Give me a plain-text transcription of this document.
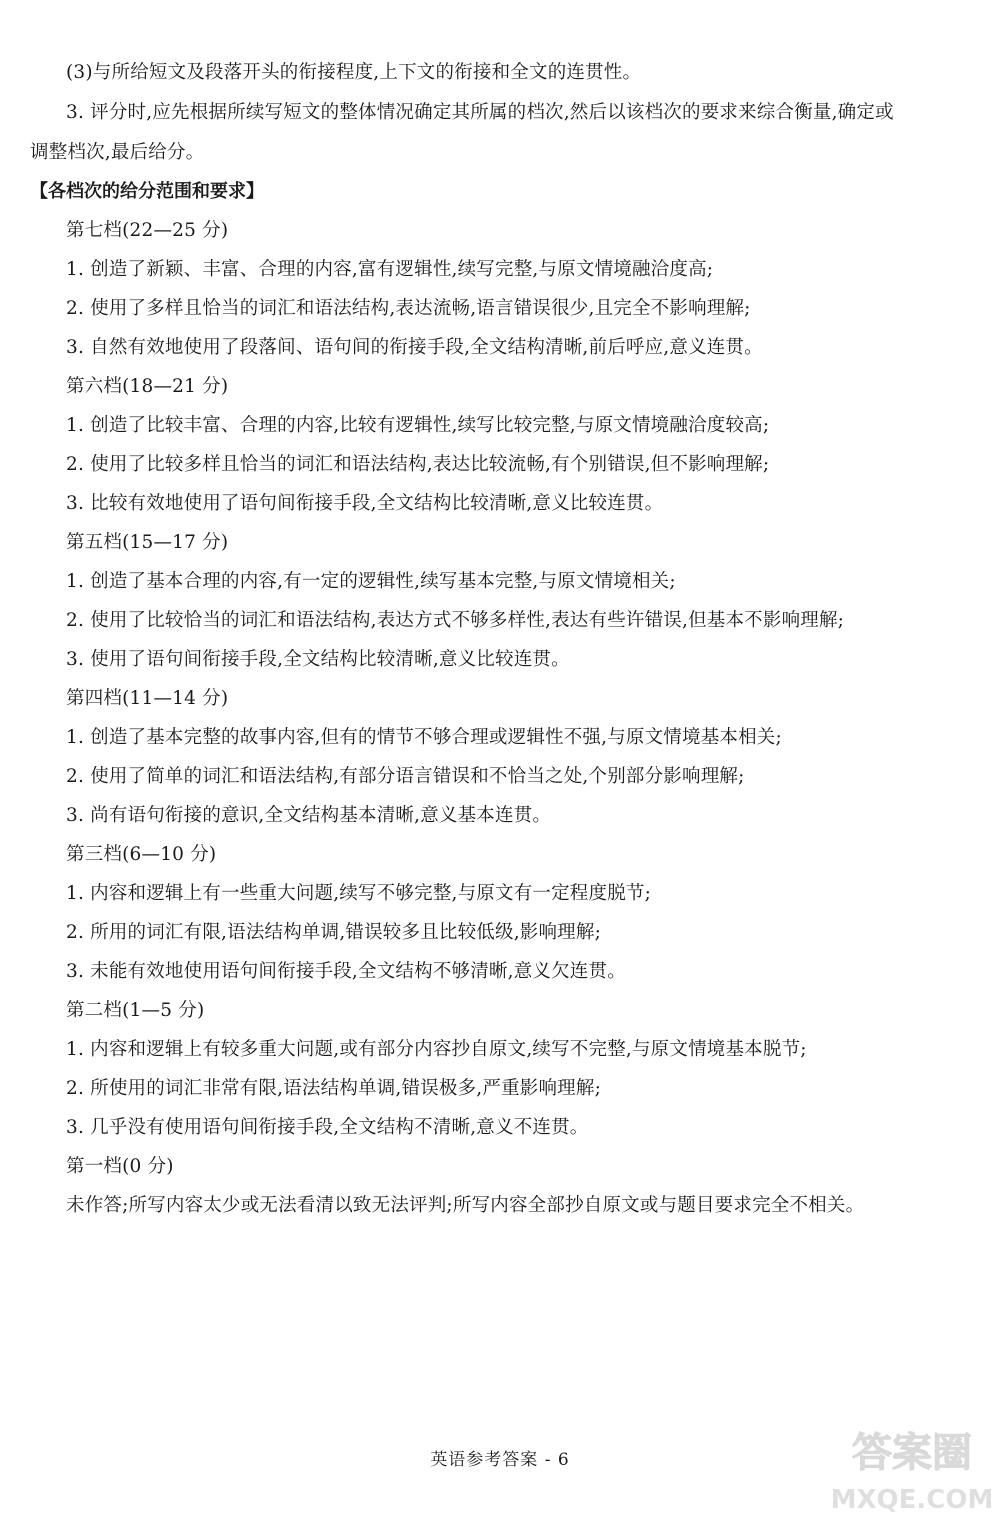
(3)与所给短文及段落开头的衔接程度,上下文的衔接和全文的连贯性。
3. 评分时,应先根据所续写短文的整体情况确定其所属的档次,然后以该档次的要求来综合衡量,确定或
调整档次,最后给分。
【各档次的给分范围和要求】
第七档(22—25 分)
1. 创造了新颖、丰富、合理的内容,富有逻辑性,续写完整,与原文情境融洽度高;
2. 使用了多样且恰当的词汇和语法结构,表达流畅,语言错误很少,且完全不影响理解;
3. 自然有效地使用了段落间、语句间的衔接手段,全文结构清晰,前后呼应,意义连贯。
第六档(18—21 分)
1. 创造了比较丰富、合理的内容,比较有逻辑性,续写比较完整,与原文情境融洽度较高;
2. 使用了比较多样且恰当的词汇和语法结构,表达比较流畅,有个别错误,但不影响理解;
3. 比较有效地使用了语句间衔接手段,全文结构比较清晰,意义比较连贯。
第五档(15—17 分)
1. 创造了基本合理的内容,有一定的逻辑性,续写基本完整,与原文情境相关;
2. 使用了比较恰当的词汇和语法结构,表达方式不够多样性,表达有些许错误,但基本不影响理解;
3. 使用了语句间衔接手段,全文结构比较清晰,意义比较连贯。
第四档(11—14 分)
1. 创造了基本完整的故事内容,但有的情节不够合理或逻辑性不强,与原文情境基本相关;
2. 使用了简单的词汇和语法结构,有部分语言错误和不恰当之处,个别部分影响理解;
3. 尚有语句衔接的意识,全文结构基本清晰,意义基本连贯。
第三档(6—10 分)
1. 内容和逻辑上有一些重大问题,续写不够完整,与原文有一定程度脱节;
2. 所用的词汇有限,语法结构单调,错误较多且比较低级,影响理解;
3. 未能有效地使用语句间衔接手段,全文结构不够清晰,意义欠连贯。
第二档(1—5 分)
1. 内容和逻辑上有较多重大问题,或有部分内容抄自原文,续写不完整,与原文情境基本脱节;
2. 所使用的词汇非常有限,语法结构单调,错误极多,严重影响理解;
3. 几乎没有使用语句间衔接手段,全文结构不清晰,意义不连贯。
第一档(0 分)
未作答;所写内容太少或无法看清以致无法评判;所写内容全部抄自原文或与题目要求完全不相关。
英语参考答案 - 6	答案圈
MXQE.COM
